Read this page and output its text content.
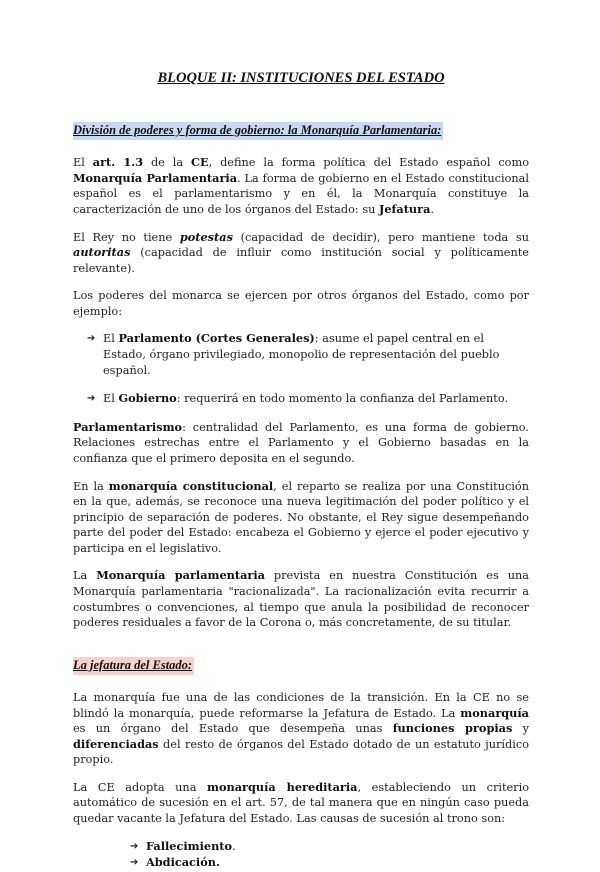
BLOQUE II: INSTITUCIONES DEL ESTADO
División de poderes y forma de gobierno: la Monarquía Parlamentaria:

El art. 1.3 de la CE, define la forma política del Estado español como Monarquía Parlamentaria. La forma de gobierno en el Estado constitucional español es el parlamentarismo y en él, la Monarquía constituye la caracterización de uno de los órganos del Estado: su Jefatura.

El Rey no tiene potestas (capacidad de decidir), pero mantiene toda su autoritas (capacidad de influir como institución social y políticamente relevante).

Los poderes del monarca se ejercen por otros órganos del Estado, como por ejemplo:

➔ El Parlamento (Cortes Generales): asume el papel central en el Estado, órgano privilegiado, monopolio de representación del pueblo español.
➔ El Gobierno: requerirá en todo momento la confianza del Parlamento.

Parlamentarismo: centralidad del Parlamento, es una forma de gobierno. Relaciones estrechas entre el Parlamento y el Gobierno basadas en la confianza que el primero deposita en el segundo.

En la monarquía constitucional, el reparto se realiza por una Constitución en la que, además, se reconoce una nueva legitimación del poder político y el principio de separación de poderes. No obstante, el Rey sigue desempeñando parte del poder del Estado: encabeza el Gobierno y ejerce el poder ejecutivo y participa en el legislativo.

La Monarquía parlamentaria prevista en nuestra Constitución es una Monarquía parlamentaria "racionalizada". La racionalización evita recurrir a costumbres o convenciones, al tiempo que anula la posibilidad de reconocer poderes residuales a favor de la Corona o, más concretamente, de su titular.

La jefatura del Estado:

La monarquía fue una de las condiciones de la transición. En la CE no se blindó la monarquía, puede reformarse la Jefatura de Estado. La monarquía es un órgano del Estado que desempeña unas funciones propias y diferenciadas del resto de órganos del Estado dotado de un estatuto jurídico propio.

La CE adopta una monarquía hereditaria, estableciendo un criterio automático de sucesión en el art. 57, de tal manera que en ningún caso pueda quedar vacante la Jefatura del Estado. Las causas de sucesión al trono son:

➔ Fallecimiento.
➔ Abdicación.
